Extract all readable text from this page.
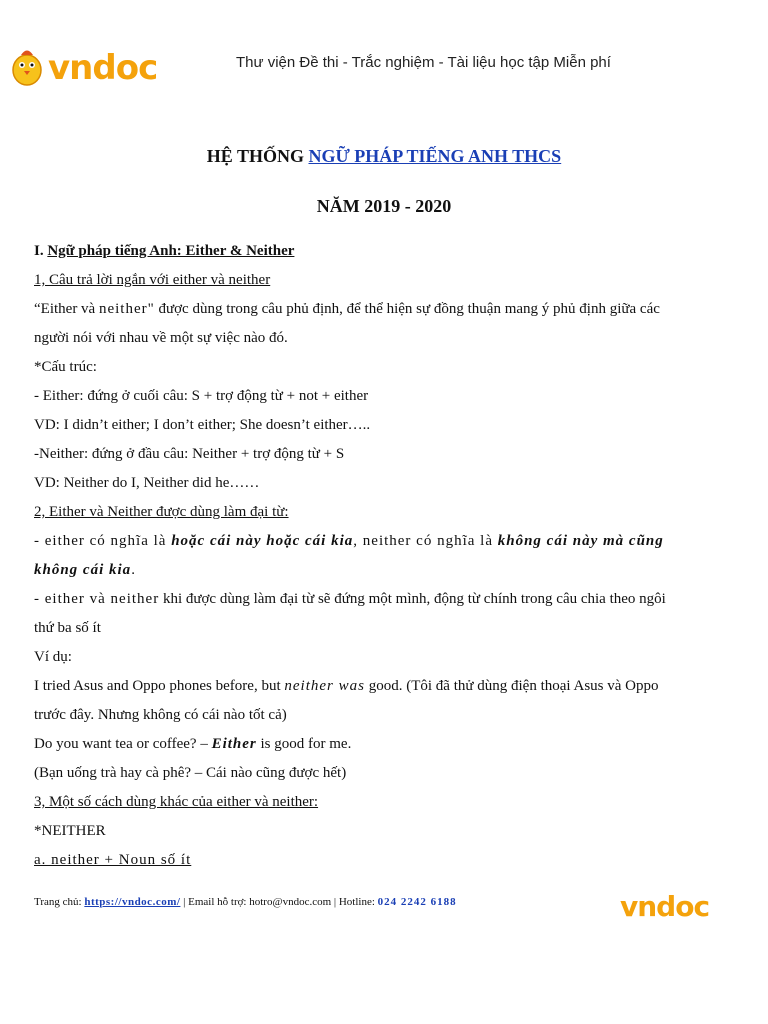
vndoc	Thư viện Đề thi - Trắc nghiệm - Tài liệu học tập Miễn phí
HỆ THỐNG NGỮ PHÁP TIẾNG ANH THCS
NĂM 2019 - 2020
I. Ngữ pháp tiếng Anh: Either & Neither
1, Câu trả lời ngắn với either và neither
“Either và neither" được dùng trong câu phủ định, để thể hiện sự đồng thuận mang ý phủ định giữa các
người nói với nhau về một sự việc nào đó.
*Cấu trúc:
- Either: đứng ở cuối câu: S + trợ động từ + not + either
VD: I didn’t either; I don’t either; She doesn’t either…..
-Neither: đứng ở đầu câu: Neither + trợ động từ + S
VD: Neither do I, Neither did he……
2, Either và Neither được dùng làm đại từ:
- either có nghĩa là hoặc cái này hoặc cái kia, neither có nghĩa là không cái này mà cũng
không cái kia.
- either và neither khi được dùng làm đại từ sẽ đứng một mình, động từ chính trong câu chia theo ngôi
thứ ba số ít
Ví dụ:
I tried Asus and Oppo phones before, but neither was good. (Tôi đã thử dùng điện thoại Asus và Oppo
trước đây. Nhưng không có cái nào tốt cả)
Do you want tea or coffee? – Either is good for me.
(Bạn uống trà hay cà phê? – Cái nào cũng được hết)
3, Một số cách dùng khác của either và neither:
*NEITHER
a. neither + Noun số ít
Trang chủ: https://vndoc.com/ | Email hỗ trợ: hotro@vndoc.com | Hotline: 024 2242 6188	vndoc
